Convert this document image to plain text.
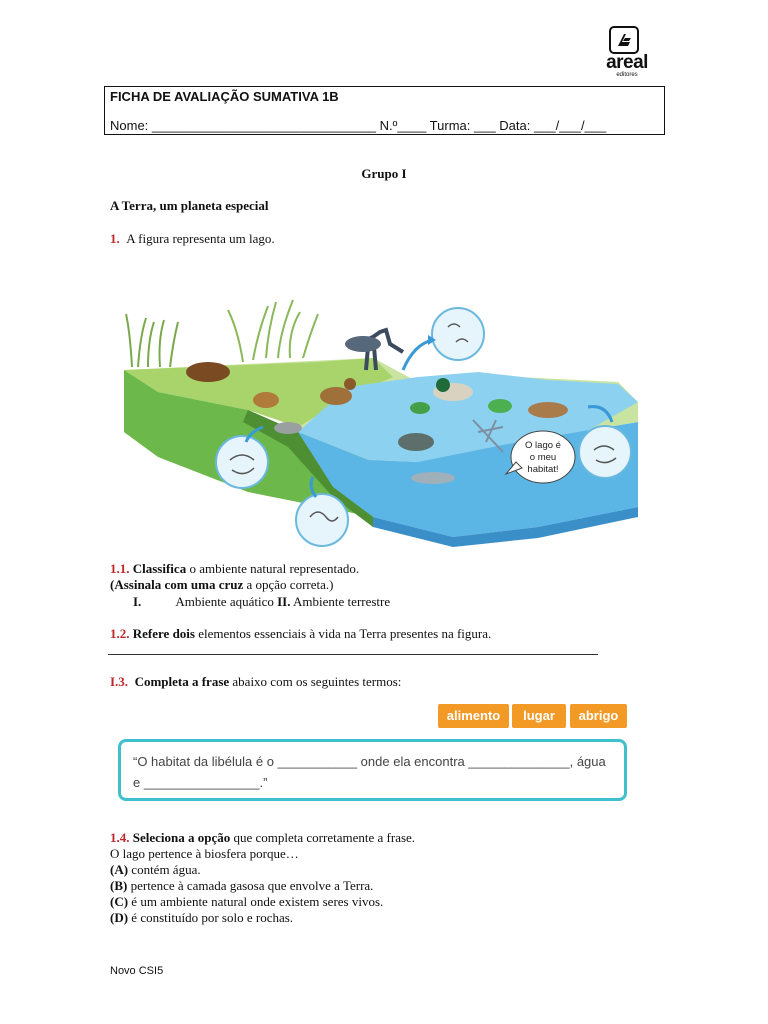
areal
editores
FICHA DE AVALIAÇÃO SUMATIVA 1B
Nome: _______________________________ N.º____ Turma: ___ Data: ___/___/___
Grupo I
A Terra, um planeta especial
1. A figura representa um lago.
O lago é
o meu
habitat!
1.1. Classifica o ambiente natural representado.
(Assinala com uma cruz a opção correta.)
I.	Ambiente aquático II. Ambiente terrestre
1.2. Refere dois elementos essenciais à vida na Terra presentes na figura.
I.3. Completa a frase abaixo com os seguintes termos:
alimento	lugar	abrigo
“O habitat da libélula é o ___________ onde ela encontra ______________, água
e ________________.”
1.4. Seleciona a opção que completa corretamente a frase.
O lago pertence à biosfera porque…
(A) contém água.
(B) pertence à camada gasosa que envolve a Terra.
(C) é um ambiente natural onde existem seres vivos.
(D) é constituído por solo e rochas.
Novo CSI5
